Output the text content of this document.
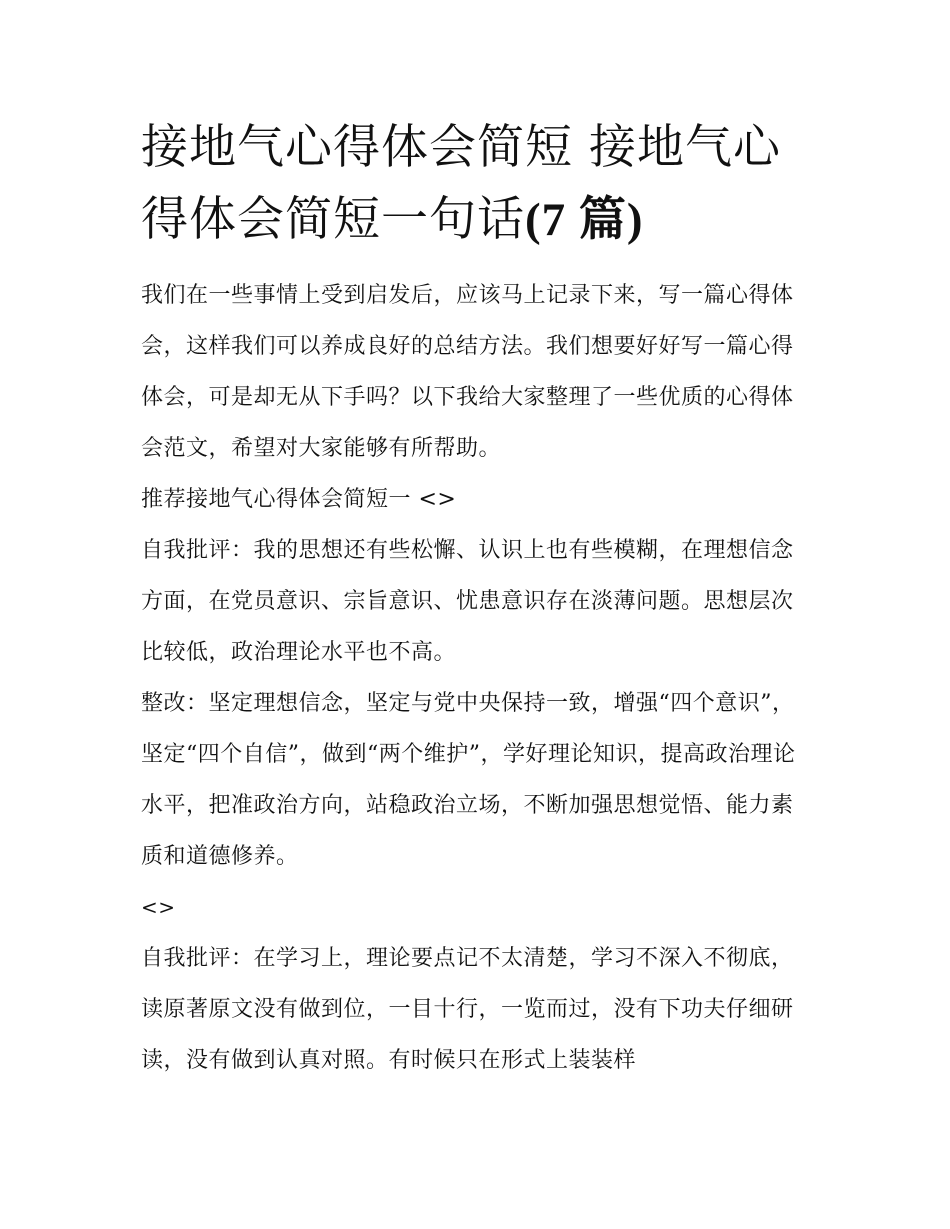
接地气心得体会简短 接地气心得体会简短一句话(7 篇)

我们在一些事情上受到启发后，应该马上记录下来，写一篇心得体会，这样我们可以养成良好的总结方法。我们想要好好写一篇心得体会，可是却无从下手吗？以下我给大家整理了一些优质的心得体会范文，希望对大家能够有所帮助。

推荐接地气心得体会简短一 <>

自我批评：我的思想还有些松懈、认识上也有些模糊，在理想信念方面，在党员意识、宗旨意识、忧患意识存在淡薄问题。思想层次比较低，政治理论水平也不高。

整改：坚定理想信念，坚定与党中央保持一致，增强“四个意识”，坚定“四个自信”，做到“两个维护”，学好理论知识，提高政治理论水平，把准政治方向，站稳政治立场，不断加强思想觉悟、能力素质和道德修养。

<>

自我批评：在学习上，理论要点记不太清楚，学习不深入不彻底，读原著原文没有做到位，一目十行，一览而过，没有下功夫仔细研读，没有做到认真对照。有时候只在形式上装装样
